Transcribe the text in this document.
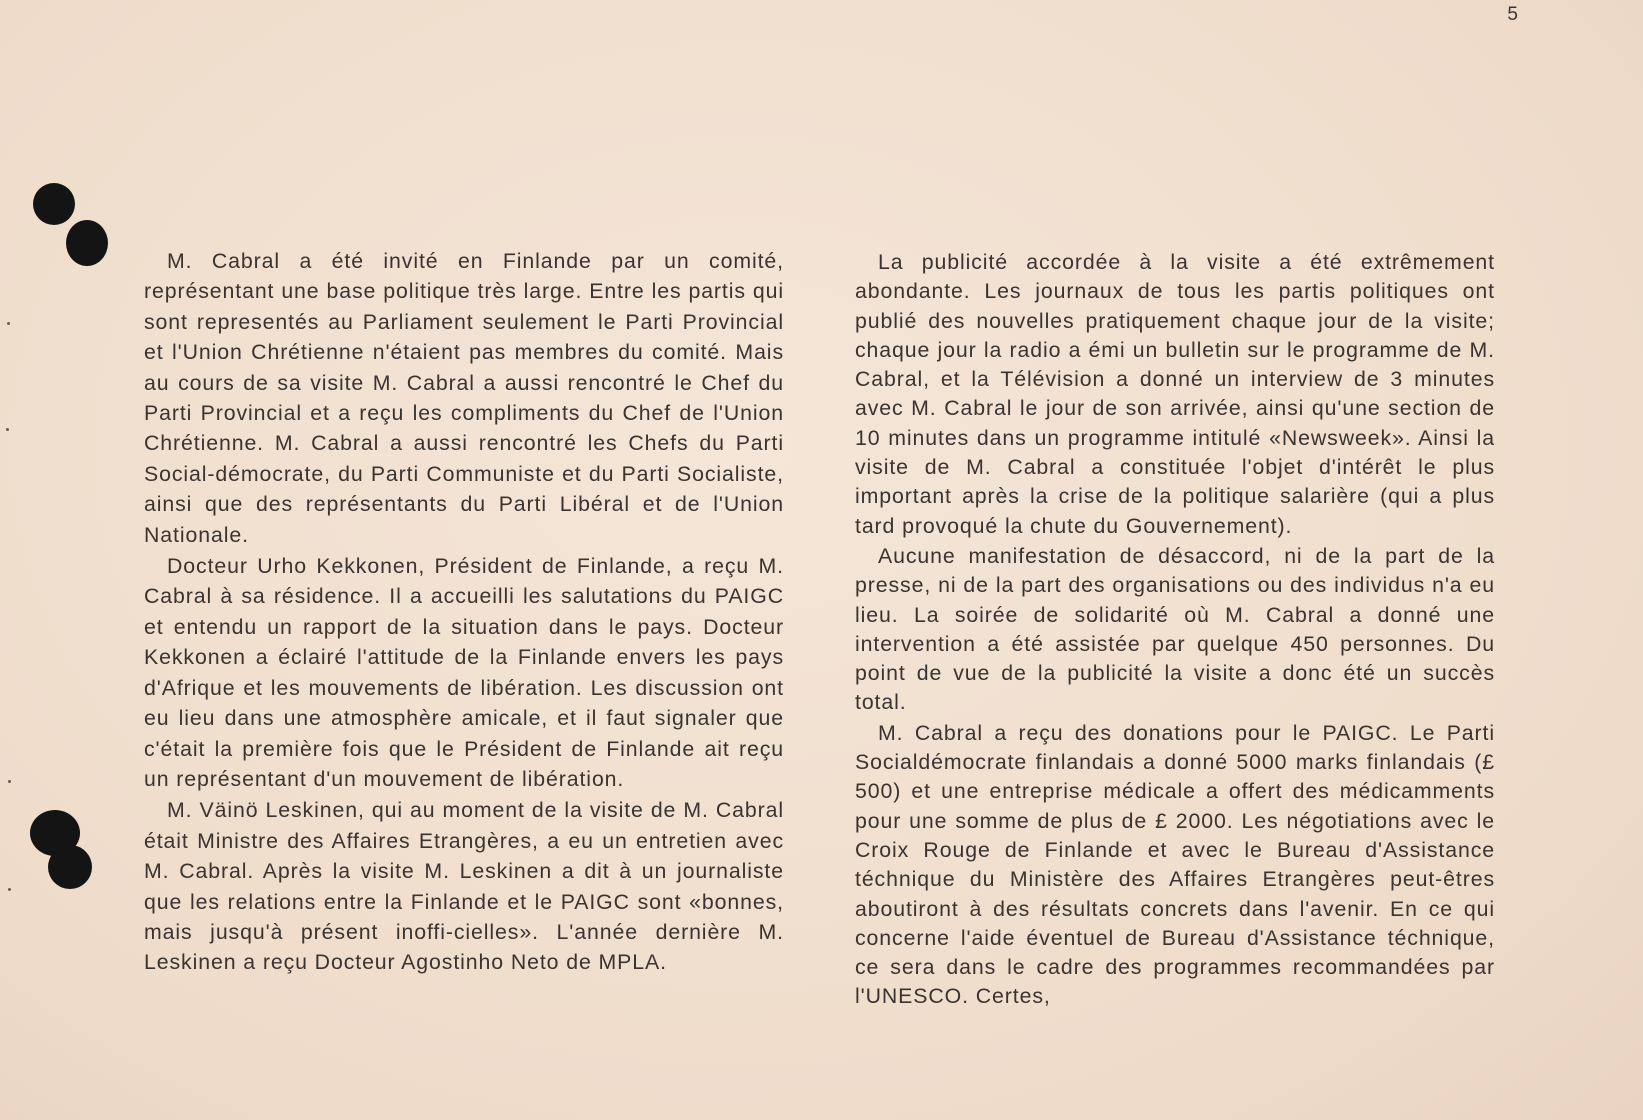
5

M. Cabral a été invité en Finlande par un comité, représentant une base politique très large. Entre les partis qui sont representés au Parliament seulement le Parti Provincial et l'Union Chrétienne n'étaient pas membres du comité. Mais au cours de sa visite M. Cabral a aussi rencontré le Chef du Parti Provincial et a reçu les compliments du Chef de l'Union Chrétienne. M. Cabral a aussi rencontré les Chefs du Parti Social-démocrate, du Parti Communiste et du Parti Socialiste, ainsi que des représentants du Parti Libéral et de l'Union Nationale.

Docteur Urho Kekkonen, Président de Finlande, a reçu M. Cabral à sa résidence. Il a accueilli les salutations du PAIGC et entendu un rapport de la situation dans le pays. Docteur Kekkonen a éclairé l'attitude de la Finlande envers les pays d'Afrique et les mouvements de libération. Les discussion ont eu lieu dans une atmosphère amicale, et il faut signaler que c'était la première fois que le Président de Finlande ait reçu un représentant d'un mouvement de libération.

M. Väinö Leskinen, qui au moment de la visite de M. Cabral était Ministre des Affaires Etrangères, a eu un entretien avec M. Cabral. Après la visite M. Leskinen a dit à un journaliste que les relations entre la Finlande et le PAIGC sont «bonnes, mais jusqu'à présent inoffi-cielles». L'année dernière M. Leskinen a reçu Docteur Agostinho Neto de MPLA.

La publicité accordée à la visite a été extrêmement abondante. Les journaux de tous les partis politiques ont publié des nouvelles pratiquement chaque jour de la visite; chaque jour la radio a émi un bulletin sur le programme de M. Cabral, et la Télévision a donné un interview de 3 minutes avec M. Cabral le jour de son arrivée, ainsi qu'une section de 10 minutes dans un programme intitulé «Newsweek». Ainsi la visite de M. Cabral a constituée l'objet d'intérêt le plus important après la crise de la politique salarière (qui a plus tard provoqué la chute du Gouvernement).

Aucune manifestation de désaccord, ni de la part de la presse, ni de la part des organisations ou des individus n'a eu lieu. La soirée de solidarité où M. Cabral a donné une intervention a été assistée par quelque 450 personnes. Du point de vue de la publicité la visite a donc été un succès total.

M. Cabral a reçu des donations pour le PAIGC. Le Parti Socialdémocrate finlandais a donné 5000 marks finlandais (£ 500) et une entreprise médicale a offert des médicamments pour une somme de plus de £ 2000. Les négotiations avec le Croix Rouge de Finlande et avec le Bureau d'Assistance téchnique du Ministère des Affaires Etrangères peut-êtres aboutiront à des résultats concrets dans l'avenir. En ce qui concerne l'aide éventuel de Bureau d'Assistance téchnique, ce sera dans le cadre des programmes recommandées par l'UNESCO. Certes,
